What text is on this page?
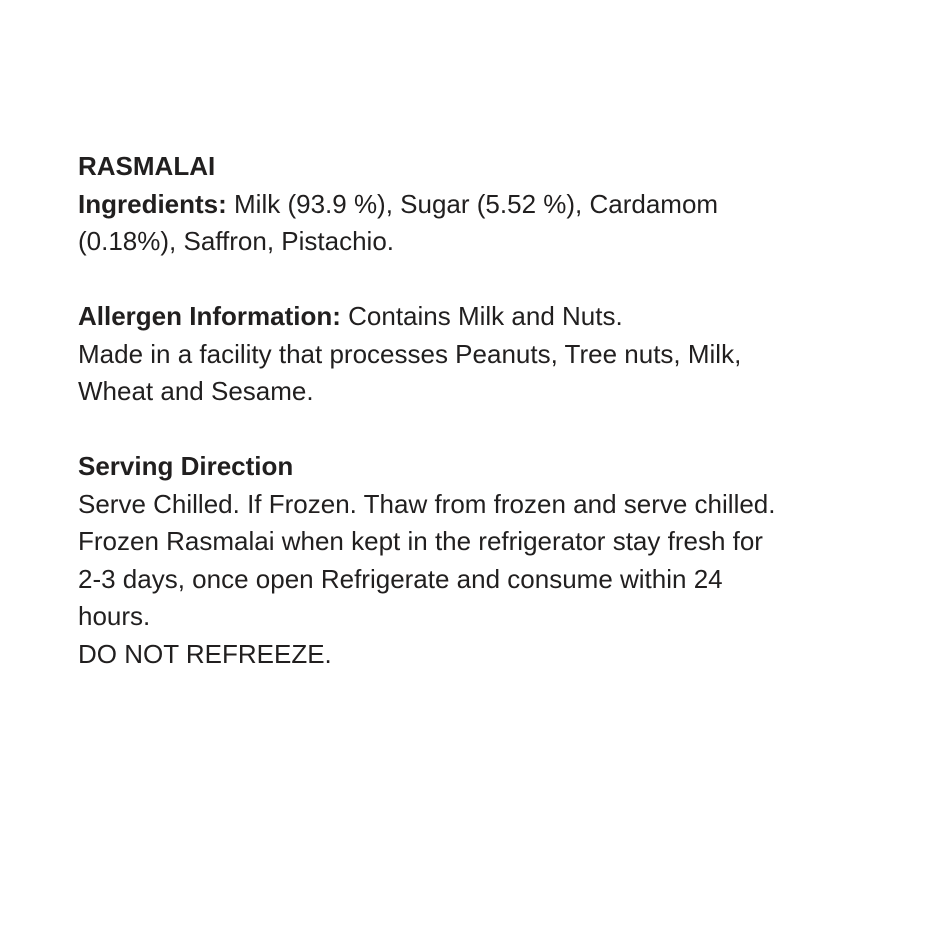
RASMALAI
Ingredients: Milk (93.9 %), Sugar (5.52 %), Cardamom
(0.18%), Saffron, Pistachio.
Allergen Information: Contains Milk and Nuts.
Made in a facility that processes Peanuts, Tree nuts, Milk,
Wheat and Sesame.
Serving Direction
Serve Chilled. If Frozen. Thaw from frozen and serve chilled.
Frozen Rasmalai when kept in the refrigerator stay fresh for
2-3 days, once open Refrigerate and consume within 24
hours.
DO NOT REFREEZE.
